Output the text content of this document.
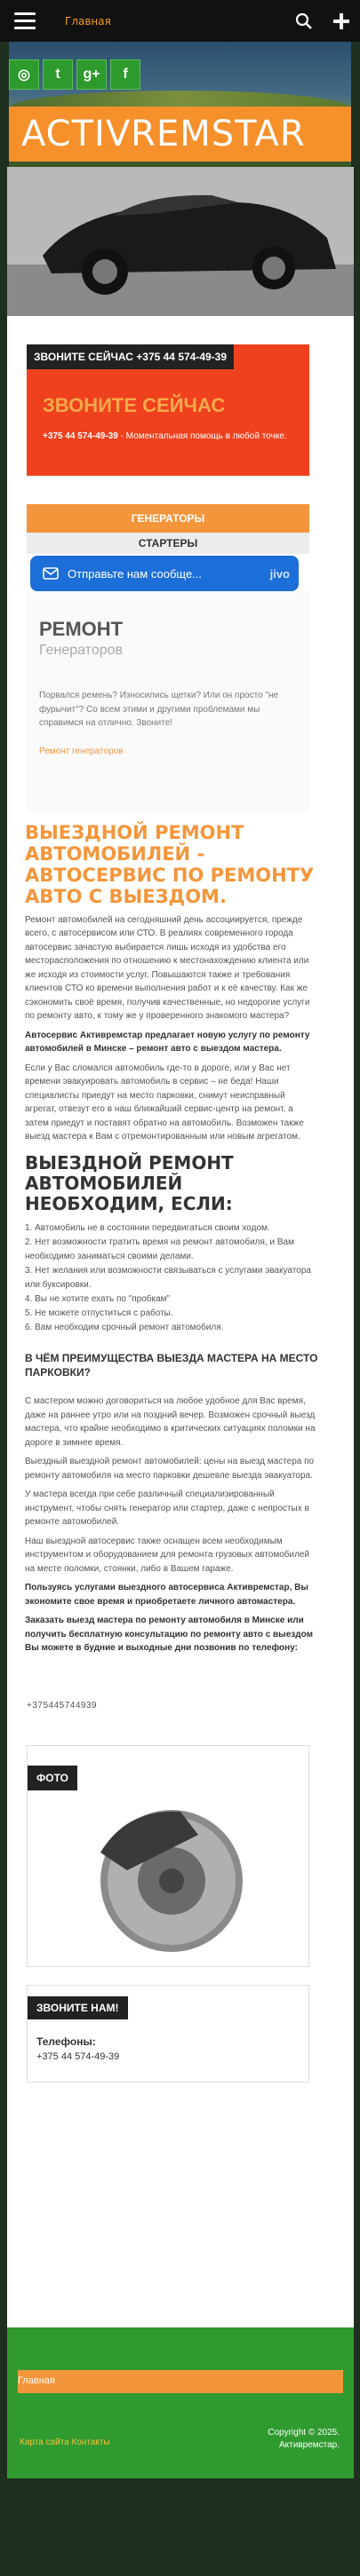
Главная
◎	t	g+	f
ACTIVREMSTAR
ЗВОНИТЕ СЕЙЧАС +375 44 574-49-39
ЗВОНИТЕ СЕЙЧАС
+375 44 574-49-39 - Моментальная помощь в любой точке.
ГЕНЕРАТОРЫ
СТАРТЕРЫ
РЕМОНТ
Генераторов
Порвался ремень? Износились щетки? Или он просто "не фурычит"? Со всем этими и другими проблемами мы справимся на отлично. Звоните!
Ремонт генераторов
Отправьте нам сообще...	jivo
ВЫЕЗДНОЙ РЕМОНТ АВТОМОБИЛЕЙ - АВТОСЕРВИС ПО РЕМОНТУ АВТО С ВЫЕЗДОМ.
Ремонт автомобилей на сегодняшний день ассоциируется, прежде всего, с автосервисом или СТО. В реалиях современного города автосервис зачастую выбирается лишь исходя из удобства его месторасположения по отношению к местонахождению клиента или же исходя из стоимости услуг. Повышаются также и требования клиентов СТО ко времени выполнения работ и к её качеству. Как же сэкономить своё время, получив качественные, но недорогие услуги по ремонту авто, к тому же у проверенного знакомого мастера?
Автосервис Активремстар предлагает новую услугу по ремонту автомобилей в Минске – ремонт авто с выездом мастера.
Если у Вас сломался автомобиль где-то в дороге, или у Вас нет времени эвакуировать автомобиль в сервис – не беда! Наши специалисты приедут на место парковки, снимут неисправный агрегат, отвезут его в наш ближайший сервис-центр на ремонт, а затем приедут и поставят обратно на автомобиль. Возможен также выезд мастера к Вам с отремонтированным или новым агрегатом.
ВЫЕЗДНОЙ РЕМОНТ АВТОМОБИЛЕЙ НЕОБХОДИМ, ЕСЛИ:
1. Автомобиль не в состоянии передвигаться своим ходом.
2. Нет возможности тратить время на ремонт автомобиля, и Вам необходимо заниматься своими делами.
3. Нет желания или возможности связываться с услугами эвакуатора или буксировки.
4. Вы не хотите ехать по "пробкам"
5. Не можете отпуститься с работы.
6. Вам необходим срочный ремонт автомобиля.
В ЧЁМ ПРЕИМУЩЕСТВА ВЫЕЗДА МАСТЕРА НА МЕСТО ПАРКОВКИ?
С мастером можно договориться на любое удобное для Вас время, даже на раннее утро или на поздний вечер. Возможен срочный выезд мастера, что крайне необходимо в критических ситуациях поломки на дороге в зимнее время.
Выездный выездной ремонт автомобилей: цены на выезд мастера по ремонту автомобиля на место парковки дешевле выезда эвакуатора.
У мастера всегда при себе различный специализированный инструмент, чтобы снять генератор или стартер, даже с непростых в ремонте автомобилей.
Наш выездной автосервис также оснащен всем необходимым инструментом и оборудованием для ремонта грузовых автомобилей на месте поломки, стоянки, либо в Вашем гараже.
Пользуясь услугами выездного автосервиса Активремстар, Вы экономите свое время и приобретаете личного автомастера.
Заказать выезд мастера по ремонту автомобиля в Минске или получить бесплатную консультацию по ремонту авто с выездом Вы можете в будние и выходные дни позвонив по телефону:
+375445744939
ФОТО
ЗВОНИТЕ НАМ!
Телефоны:
+375 44 574-49-39
Главная
Карта сайта Контакты
Copyright © 2025. Активремстар.
